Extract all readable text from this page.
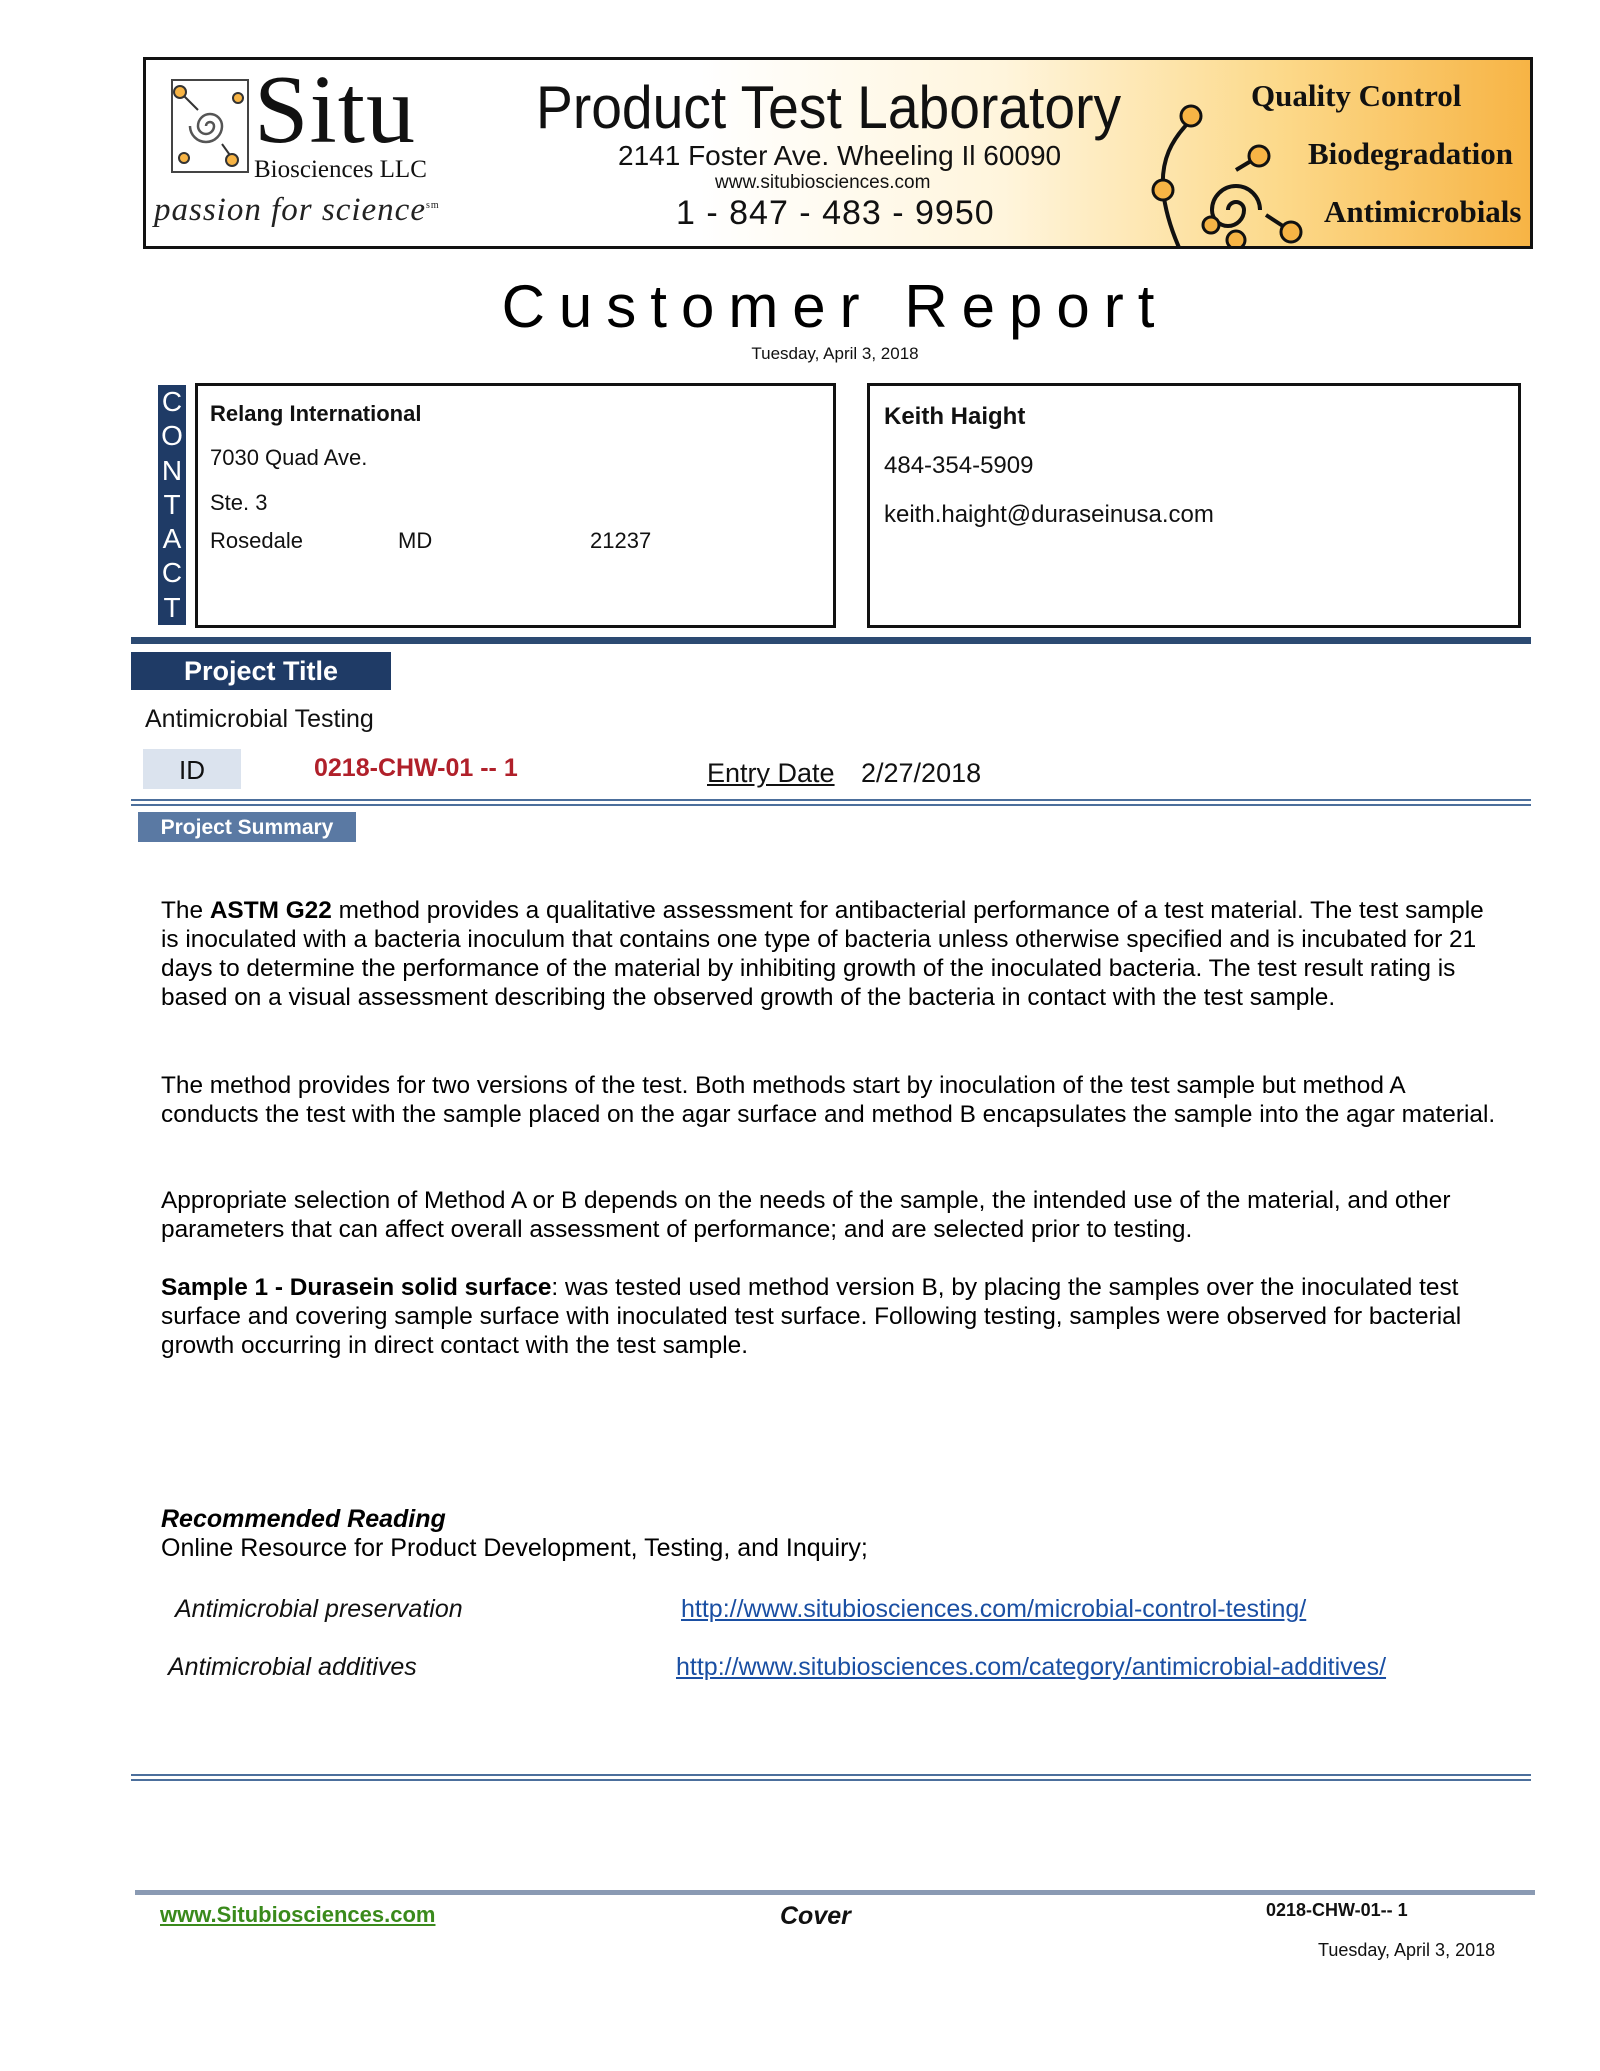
Situ
Biosciences LLC
passion for science$^{sm}$
Product Test Laboratory
2141 Foster Ave. Wheeling Il 60090
www.situbiosciences.com
1 - 847 - 483 - 9950
Quality Control
Biodegradation
Antimicrobials
Customer Report
Tuesday, April 3, 2018
C
O
N
T
A
C
T
Relang International
7030 Quad Ave.
Ste. 3
Rosedale	MD	21237
Keith Haight
484-354-5909
keith.haight@duraseinusa.com
Project Title
Antimicrobial Testing
ID	0218-CHW-01 -- 1	Entry Date 2/27/2018
Project Summary
The ASTM G22 method provides a qualitative assessment for antibacterial performance of a test material. The test sample is inoculated with a bacteria inoculum that contains one type of bacteria unless otherwise specified and is incubated for 21 days to determine the performance of the material by inhibiting growth of the inoculated bacteria. The test result rating is based on a visual assessment describing the observed growth of the bacteria in contact with the test sample.
The method provides for two versions of the test. Both methods start by inoculation of the test sample but method A conducts the test with the sample placed on the agar surface and method B encapsulates the sample into the agar material.
Appropriate selection of Method A or B depends on the needs of the sample, the intended use of the material, and other parameters that can affect overall assessment of performance; and are selected prior to testing.
Sample 1 - Durasein solid surface: was tested used method version B, by placing the samples over the inoculated test surface and covering sample surface with inoculated test surface. Following testing, samples were observed for bacterial growth occurring in direct contact with the test sample.
Recommended Reading
Online Resource for Product Development, Testing, and Inquiry;
Antimicrobial preservation	http://www.situbiosciences.com/microbial-control-testing/
Antimicrobial additives	http://www.situbiosciences.com/category/antimicrobial-additives/
www.Situbiosciences.com	Cover	0218-CHW-01-- 1
Tuesday, April 3, 2018
